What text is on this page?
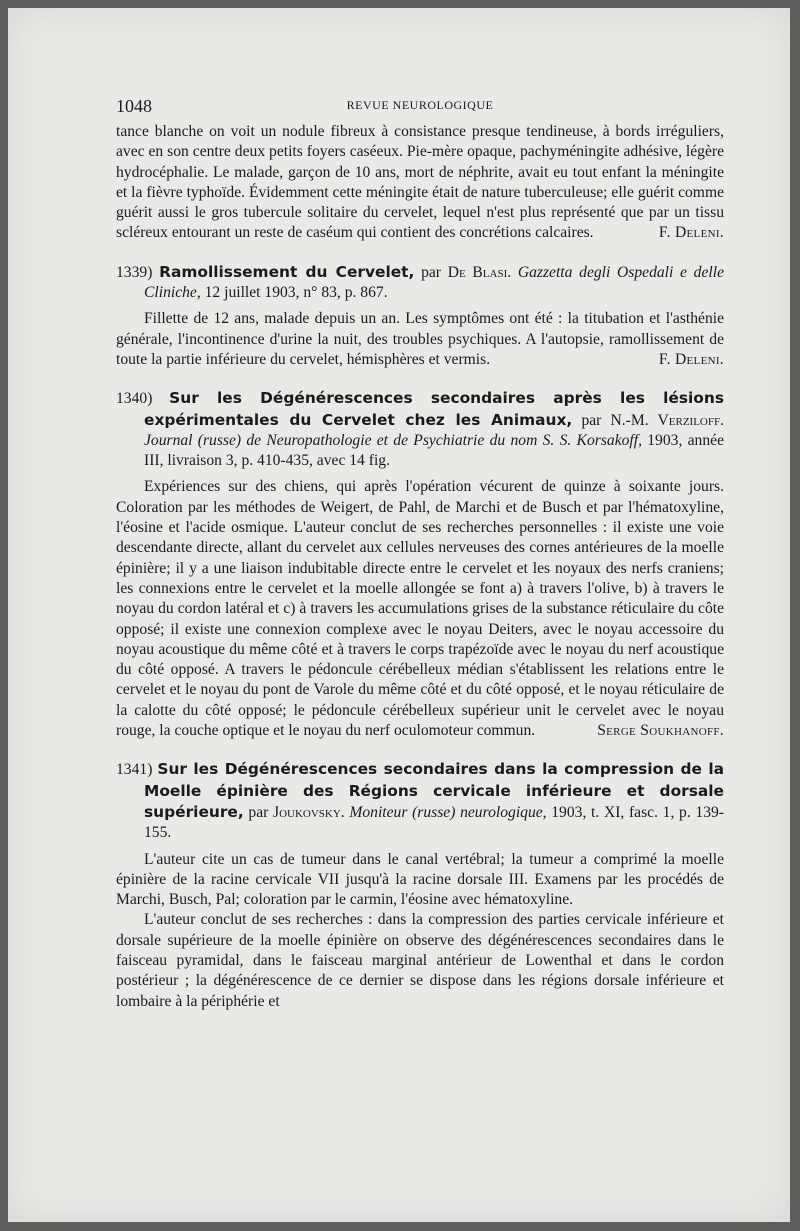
1048	REVUE NEUROLOGIQUE

tance blanche on voit un nodule fibreux à consistance presque tendineuse, à bords irréguliers, avec en son centre deux petits foyers caséeux. Pie-mère opaque, pachyméningite adhésive, légère hydrocéphalie. Le malade, garçon de 10 ans, mort de néphrite, avait eu tout enfant la méningite et la fièvre typhoïde. Évidemment cette méningite était de nature tuberculeuse; elle guérit comme guérit aussi le gros tubercule solitaire du cervelet, lequel n'est plus représenté que par un tissu scléreux entourant un reste de caséum qui contient des concrétions calcaires.	F. Deleni.

1339) Ramollissement du Cervelet, par De Blasi. Gazzetta degli Ospedali e delle Cliniche, 12 juillet 1903, n° 83, p. 867.

Fillette de 12 ans, malade depuis un an. Les symptômes ont été : la titubation et l'asthénie générale, l'incontinence d'urine la nuit, des troubles psychiques. A l'autopsie, ramollissement de toute la partie inférieure du cervelet, hémisphères et vermis.	F. Deleni.

1340) Sur les Dégénérescences secondaires après les lésions expérimentales du Cervelet chez les Animaux, par N.-M. Verziloff. Journal (russe) de Neuropathologie et de Psychiatrie du nom S. S. Korsakoff, 1903, année III, livraison 3, p. 410-435, avec 14 fig.

Expériences sur des chiens, qui après l'opération vécurent de quinze à soixante jours. Coloration par les méthodes de Weigert, de Pahl, de Marchi et de Busch et par l'hématoxyline, l'éosine et l'acide osmique. L'auteur conclut de ses recherches personnelles : il existe une voie descendante directe, allant du cervelet aux cellules nerveuses des cornes antérieures de la moelle épinière; il y a une liaison indubitable directe entre le cervelet et les noyaux des nerfs craniens; les connexions entre le cervelet et la moelle allongée se font a) à travers l'olive, b) à travers le noyau du cordon latéral et c) à travers les accumulations grises de la substance réticulaire du côte opposé; il existe une connexion complexe avec le noyau Deiters, avec le noyau accessoire du noyau acoustique du même côté et à travers le corps trapézoïde avec le noyau du nerf acoustique du côté opposé. A travers le pédoncule cérébelleux médian s'établissent les relations entre le cervelet et le noyau du pont de Varole du même côté et du côté opposé, et le noyau réticulaire de la calotte du côté opposé; le pédoncule cérébelleux supérieur unit le cervelet avec le noyau rouge, la couche optique et le noyau du nerf oculomoteur commun.	Serge Soukhanoff.

1341) Sur les Dégénérescences secondaires dans la compression de la Moelle épinière des Régions cervicale inférieure et dorsale supérieure, par Joukovsky. Moniteur (russe) neurologique, 1903, t. XI, fasc. 1, p. 139-155.

L'auteur cite un cas de tumeur dans le canal vertébral; la tumeur a comprimé la moelle épinière de la racine cervicale VII jusqu'à la racine dorsale III. Examens par les procédés de Marchi, Busch, Pal; coloration par le carmin, l'éosine avec hématoxyline.

L'auteur conclut de ses recherches : dans la compression des parties cervicale inférieure et dorsale supérieure de la moelle épinière on observe des dégénérescences secondaires dans le faisceau pyramidal, dans le faisceau marginal antérieur de Lowenthal et dans le cordon postérieur ; la dégénérescence de ce dernier se dispose dans les régions dorsale inférieure et lombaire à la périphérie et
